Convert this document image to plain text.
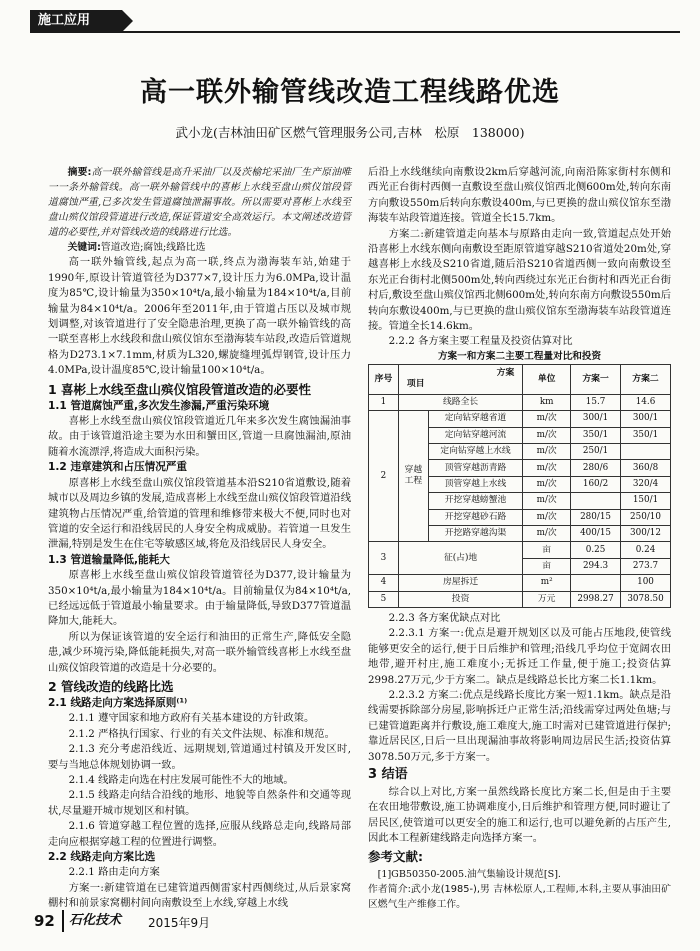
施工应用
高一联外输管线改造工程线路优选
武小龙(吉林油田矿区燃气管理服务公司,吉林　松原　138000)

摘要:高一联外输管线是高升采油厂以及茨榆坨采油厂生产原油唯一一条外输管线。高一联外输管线中的喜彬上水线至盘山殡仪馆段管道腐蚀严重,已多次发生管道腐蚀泄漏事故。所以需要对喜彬上水线至盘山殡仪馆段管道进行改造,保证管道安全高效运行。本文阐述改造管道的必要性,并对管线改造的线路进行比选。

关键词:管道改造;腐蚀;线路比选

高一联外输管线,起点为高一联,终点为渤海装车站,始建于1990年,原设计管道管径为D377×7,设计压力为6.0MPa,设计温度为85℃,设计输量为350×10⁴t/a,最小输量为184×10⁴t/a,目前输量为84×10⁴t/a。2006年至2011年,由于管道占压以及城市规划调整,对该管道进行了安全隐患治理,更换了高一联外输管线的高一联至喜彬上水线段和盘山殡仪馆东至渤海装车站段,改造后管道规格为D273.1×7.1mm,材质为L320,螺旋缝埋弧焊钢管,设计压力4.0MPa,设计温度85℃,设计输量100×10⁴t/a。

1 喜彬上水线至盘山殡仪馆段管道改造的必要性
1.1 管道腐蚀严重,多次发生渗漏,严重污染环境

喜彬上水线至盘山殡仪馆段管道近几年来多次发生腐蚀漏油事故。由于该管道沿途主要为水田和蟹田区,管道一旦腐蚀漏油,原油随着水流漂浮,将造成大面积污染。

1.2 违章建筑和占压情况严重

原喜彬上水线至盘山殡仪馆段管道基本沿S210省道敷设,随着城市以及周边乡镇的发展,造成喜彬上水线至盘山殡仪馆段管道沿线建筑物占压情况严重,给管道的管理和维修带来极大不便,同时也对管道的安全运行和沿线居民的人身安全构成威胁。若管道一旦发生泄漏,特别是发生在住宅等敏感区域,将危及沿线居民人身安全。

1.3 管道输量降低,能耗大

原喜彬上水线至盘山殡仪馆段管道管径为D377,设计输量为350×10⁴t/a,最小输量为184×10⁴t/a。目前输量仅为84×10⁴t/a,已经远远低于管道最小输量要求。由于输量降低,导致D377管道温降加大,能耗大。

所以为保证该管道的安全运行和油田的正常生产,降低安全隐患,减少环境污染,降低能耗损失,对高一联外输管线喜彬上水线至盘山殡仪馆段管道的改造是十分必要的。

2 管线改造的线路比选
2.1 线路走向方案选择原则⁽¹⁾

2.1.1 遵守国家和地方政府有关基本建设的方针政策。

2.1.2 严格执行国家、行业的有关文件法规、标准和规范。

2.1.3 充分考虑沿线近、远期规划,管道通过村镇及开发区时,要与当地总体规划协调一致。

2.1.4 线路走向选在村庄发展可能性不大的地域。

2.1.5 线路走向结合沿线的地形、地貌等自然条件和交通等现状,尽量避开城市规划区和村镇。

2.1.6 管道穿越工程位置的选择,应服从线路总走向,线路局部走向应根据穿越工程的位置进行调整。

2.2 线路走向方案比选

2.2.1 路由走向方案

方案一:新建管道在已建管道西侧雷家村西侧绕过,从后景家窝棚村和前景家窝棚村间向南敷设至上水线,穿越上水线

后沿上水线继续向南敷设2km后穿越河流,向南沿陈家街村东侧和西光正台街村西侧一直敷设至盘山殡仪馆西北侧600m处,转向东南方向敷设550m后转向东敷设400m,与已更换的盘山殡仪馆东至渤海装车站段管道连接。管道全长15.7km。

方案二:新建管道走向基本与原路由走向一致,管道起点处开始沿喜彬上水线东侧向南敷设至距原管道穿越S210省道处20m处,穿越喜彬上水线及S210省道,随后沿S210省道西侧一致向南敷设至东光正台街村北侧500m处,转向西绕过东光正台街村和西光正台街村后,敷设至盘山殡仪馆西北侧600m处,转向东南方向敷设550m后转向东敷设400m,与已更换的盘山殡仪馆东至渤海装车站段管道连接。管道全长14.6km。

2.2.2 各方案主要工程量及投资估算对比

方案一和方案二主要工程量对比和投资
序号	方案
项目		单位	方案一	方案二
1	线路全长		km	15.7	14.6
2	穿越工程	定向钻穿越省道	m/次	300/1	300/1
		定向钻穿越河流	m/次	350/1	350/1
		定向钻穿越上水线	m/次	250/1	
		顶管穿越沥青路	m/次	280/6	360/8
		顶管穿越上水线	m/次	160/2	320/4
		开挖穿越螃蟹池	m/次		150/1
		开挖穿越砂石路	m/次	280/15	250/10
		开挖路穿越沟渠	m/次	400/15	300/12
3	征(占)地		亩	0.25	0.24
			亩	294.3	273.7
4	房屋拆迁		m²		100
5	投资		万元	2998.27	3078.50

2.2.3 各方案优缺点对比

2.2.3.1 方案一:优点是避开规划区以及可能占压地段,使管线能够更安全的运行,便于日后维护和管理;沿线几乎均位于宽阔农田地带,避开村庄,施工难度小;无拆迁工作量,便于施工;投资估算2998.27万元,少于方案二。缺点是线路总长比方案二长1.1km。

2.2.3.2 方案二:优点是线路长度比方案一短1.1km。缺点是沿线需要拆除部分房屋,影响拆迁户正常生活;沿线需穿过两处鱼塘;与已建管道距离并行敷设,施工难度大,施工时需对已建管道进行保护;靠近居民区,日后一旦出现漏油事故将影响周边居民生活;投资估算3078.50万元,多于方案一。

3 结语

综合以上对比,方案一虽然线路长度比方案二长,但是由于主要在农田地带敷设,施工协调难度小,日后维护和管理方便,同时避让了居民区,使管道可以更安全的施工和运行,也可以避免新的占压产生,因此本工程新建线路走向选择方案一。

参考文献:

[1]GB50350-2005.油气集输设计规范[S].

作者简介:武小龙(1985-),男 吉林松原人,工程师,本科,主要从事油田矿区燃气生产维修工作。

92	石化技术	2015年9月
